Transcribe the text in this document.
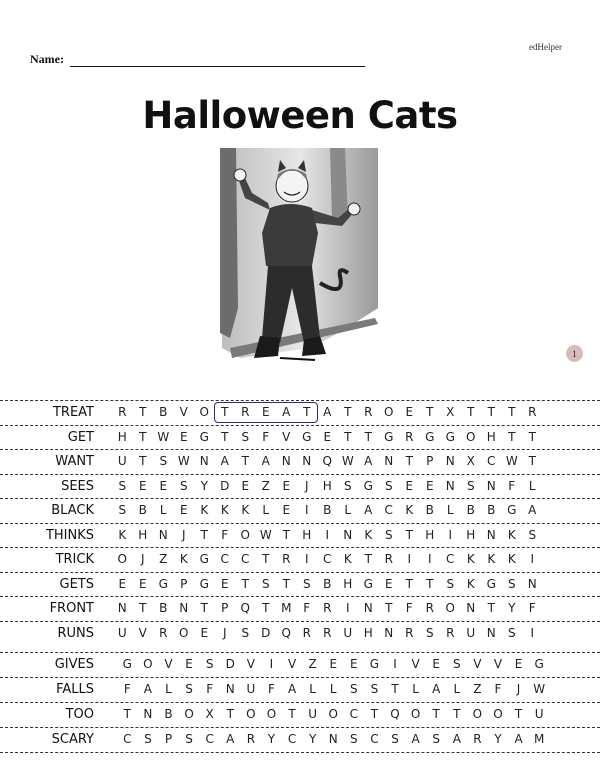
edHelper
Name:
Halloween Cats
1
TREAT	R	T	B	V O	T	R	E	A	T	A	T	R O E	T	X	T	T	T	R
GET	H	T W E	G	T	S	F	V G	E	T	T	G R G G O H	T	T
WANT	U	T	S W N A	T	A N N Q W A N	T	P	N X	C W T
SEES	S	E	E	S	Y	D	E	Z	E	J	H	S	G	S	E	E	N	S	N	F	L
BLACK	S	B	L	E	K	K	K	L	E	I	B	L	A	C	K	B	L	B	B G A
THINKS	K	H N	J	T	F	O W T	H	I	N	K	S	T	H	I	H N	K	S
TRICK	O	J	Z	K G C	C	T	R	I	C	K	T	R	I	I	C	K	K	K	I
GETS	E	E	G	P	G	E	T	S	T	S	B H G	E	T	T	S	K G	S	N
FRONT	N	T	B N	T	P	Q	T M F	R	I	N	T	F	R O N	T	Y	F
RUNS	U	V	R O E	J	S	D Q R	R U H N R	S	R U N	S	I
GIVES	G O V	E	S	D V	I	V	Z	E	E	G	I	V	E	S	V	V	E	G
FALLS	F	A	L	S	F	N U	F	A	L	L	S	S	T	L	A	L	Z	F	J	W
TOO	T	N B O X	T	O O	T	U O C	T	Q O	T	T	O O	T	U
SCARY	C	S	P	S	C	A	R	Y	C	Y	N	S	C	S	A	S	A	R	Y	A M
